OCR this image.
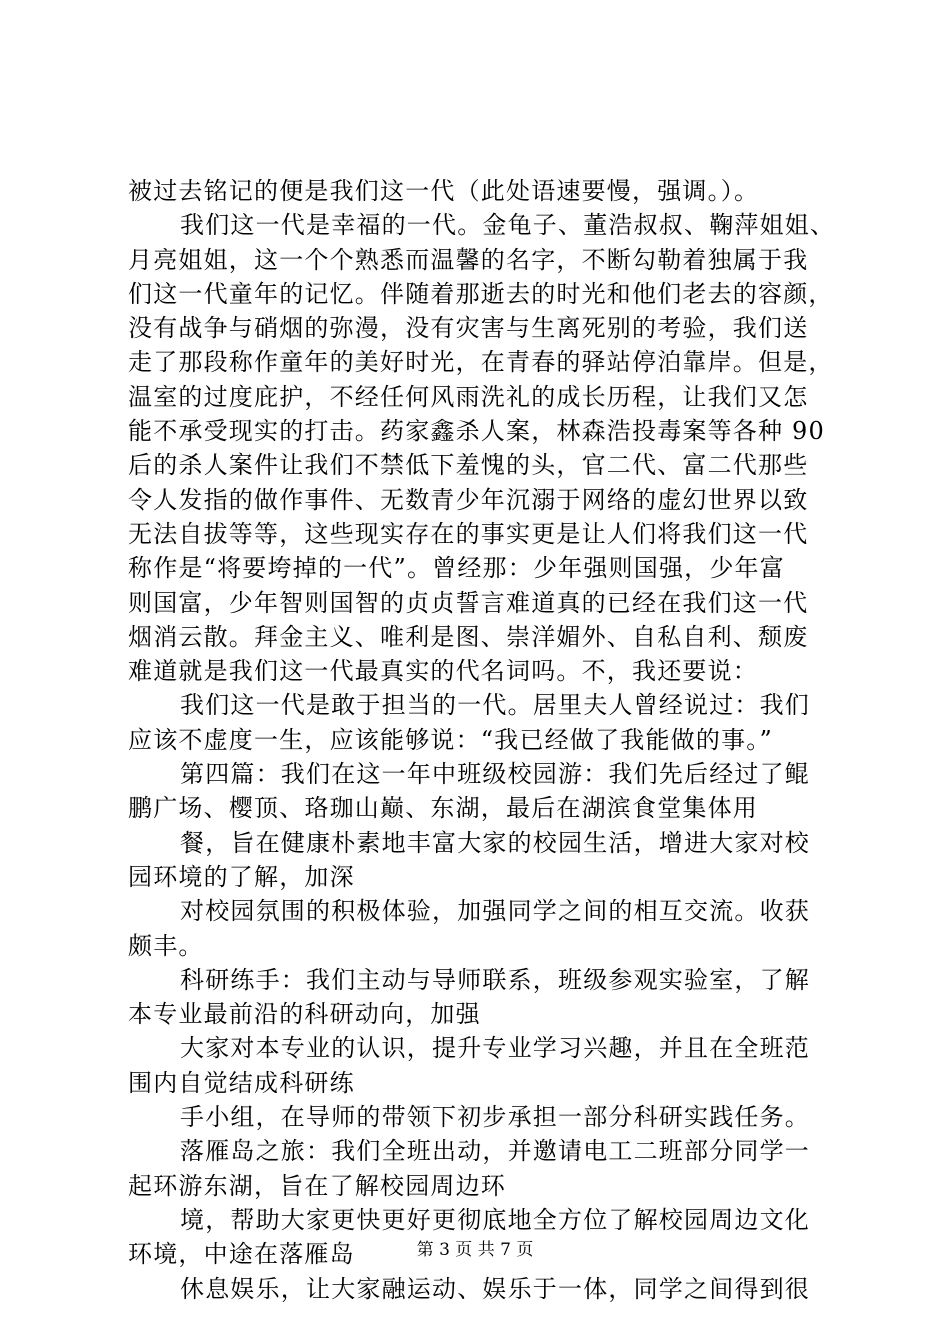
被过去铭记的便是我们这一代（此处语速要慢，强调。）。
我们这一代是幸福的一代。金龟子、董浩叔叔、鞠萍姐姐、
月亮姐姐，这一个个熟悉而温馨的名字，不断勾勒着独属于我
们这一代童年的记忆。伴随着那逝去的时光和他们老去的容颜，
没有战争与硝烟的弥漫，没有灾害与生离死别的考验，我们送
走了那段称作童年的美好时光，在青春的驿站停泊靠岸。但是，
温室的过度庇护，不经任何风雨洗礼的成长历程，让我们又怎
能不承受现实的打击。药家鑫杀人案，林森浩投毒案等各种 90
后的杀人案件让我们不禁低下羞愧的头，官二代、富二代那些
令人发指的做作事件、无数青少年沉溺于网络的虚幻世界以致
无法自拔等等，这些现实存在的事实更是让人们将我们这一代
称作是“将要垮掉的一代”。曾经那：少年强则国强，少年富
则国富，少年智则国智的贞贞誓言难道真的已经在我们这一代
烟消云散。拜金主义、唯利是图、崇洋媚外、自私自利、颓废
难道就是我们这一代最真实的代名词吗。不，我还要说：
我们这一代是敢于担当的一代。居里夫人曾经说过：我们
应该不虚度一生，应该能够说：“我已经做了我能做的事。”
第四篇：我们在这一年中班级校园游：我们先后经过了鲲
鹏广场、樱顶、珞珈山巅、东湖，最后在湖滨食堂集体用
餐，旨在健康朴素地丰富大家的校园生活，增进大家对校
园环境的了解，加深
对校园氛围的积极体验，加强同学之间的相互交流。收获
颇丰。
科研练手：我们主动与导师联系，班级参观实验室，了解
本专业最前沿的科研动向，加强
大家对本专业的认识，提升专业学习兴趣，并且在全班范
围内自觉结成科研练
手小组，在导师的带领下初步承担一部分科研实践任务。
落雁岛之旅：我们全班出动，并邀请电工二班部分同学一
起环游东湖，旨在了解校园周边环
境，帮助大家更快更好更彻底地全方位了解校园周边文化
环境，中途在落雁岛
休息娱乐，让大家融运动、娱乐于一体，同学之间得到很
第 3 页 共 7 页
